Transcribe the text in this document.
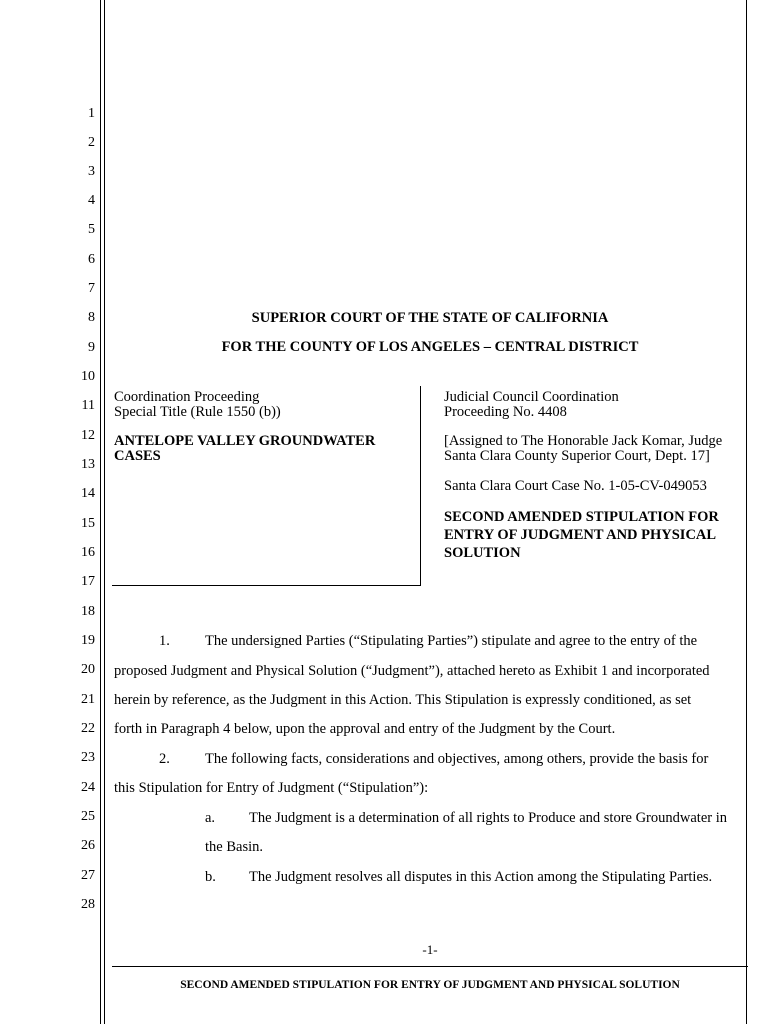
1
2
3
4
5
6
7
8
9
10
11
12
13
14
15
16
17
18
19
20
21
22
23
24
25
26
27
28
SUPERIOR COURT OF THE STATE OF CALIFORNIA
FOR THE COUNTY OF LOS ANGELES – CENTRAL DISTRICT
Coordination Proceeding
Special Title (Rule 1550 (b))
ANTELOPE VALLEY GROUNDWATER
CASES
Judicial Council Coordination
Proceeding No. 4408
[Assigned to The Honorable Jack Komar, Judge
Santa Clara County Superior Court, Dept. 17]
Santa Clara Court Case No. 1-05-CV-049053
SECOND AMENDED STIPULATION FOR
ENTRY OF JUDGMENT AND PHYSICAL
SOLUTION
1. The undersigned Parties (“Stipulating Parties”) stipulate and agree to the entry of the
proposed Judgment and Physical Solution (“Judgment”), attached hereto as Exhibit 1 and incorporated
herein by reference, as the Judgment in this Action. This Stipulation is expressly conditioned, as set
forth in Paragraph 4 below, upon the approval and entry of the Judgment by the Court.
2. The following facts, considerations and objectives, among others, provide the basis for
this Stipulation for Entry of Judgment (“Stipulation”):
a. The Judgment is a determination of all rights to Produce and store Groundwater in
the Basin.
b. The Judgment resolves all disputes in this Action among the Stipulating Parties.
-1-
SECOND AMENDED STIPULATION FOR ENTRY OF JUDGMENT AND PHYSICAL SOLUTION
